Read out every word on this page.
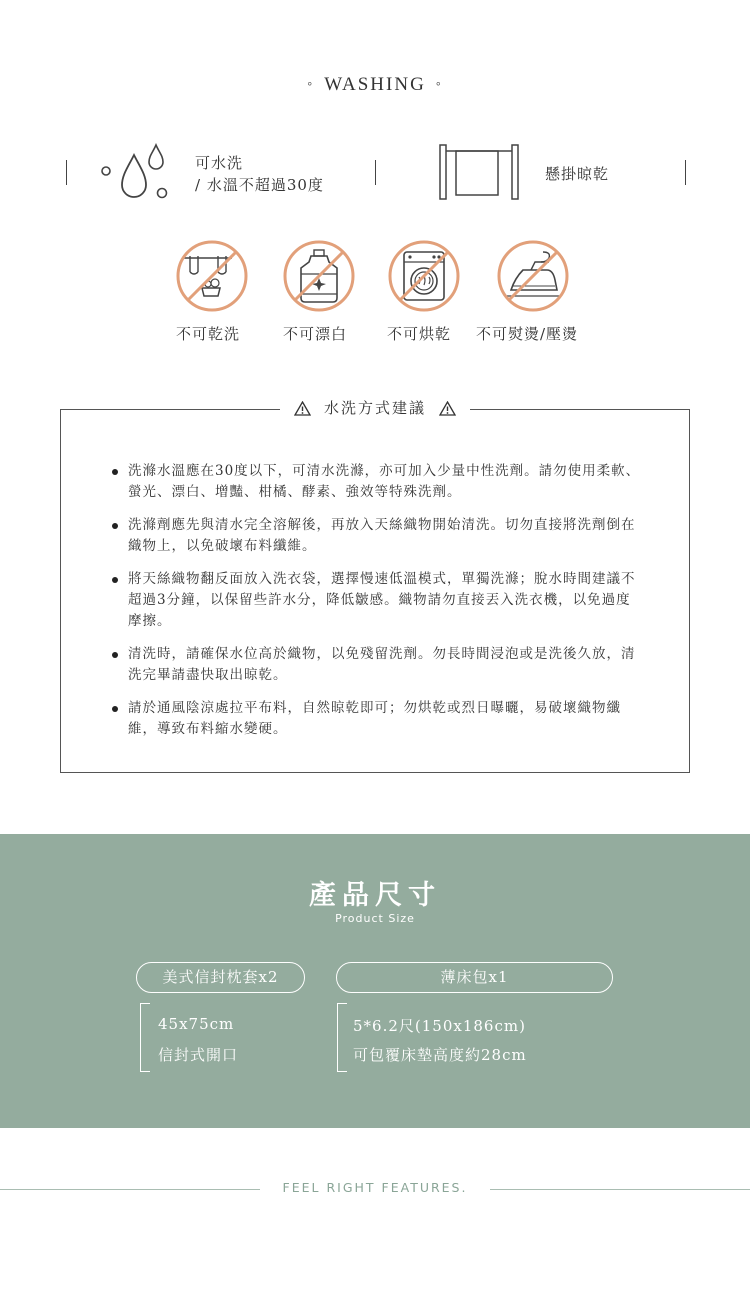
◦ WASHING ◦
可水洗
/ 水溫不超過30度
懸掛晾乾
不可乾洗	不可漂白	不可烘乾 不可熨燙/壓燙
水洗方式建議
洗滌水溫應在30度以下，可清水洗滌，亦可加入少量中性洗劑。請勿使用柔軟、螢光、漂白、增豔、柑橘、酵素、強效等特殊洗劑。
洗滌劑應先與清水完全溶解後，再放入天絲織物開始清洗。切勿直接將洗劑倒在織物上，以免破壞布料纖維。
將天絲織物翻反面放入洗衣袋，選擇慢速低溫模式，單獨洗滌；脫水時間建議不超過3分鐘，以保留些許水分，降低皺感。織物請勿直接丟入洗衣機，以免過度摩擦。
清洗時，請確保水位高於織物，以免殘留洗劑。勿長時間浸泡或是洗後久放，清洗完畢請盡快取出晾乾。
請於通風陰涼處拉平布料，自然晾乾即可；勿烘乾或烈日曝曬，易破壞織物纖維，導致布料縮水變硬。
產品尺寸
Product Size
美式信封枕套x2	薄床包x1
45x75cm
信封式開口
5*6.2尺(150x186cm)
可包覆床墊高度約28cm
FEEL RIGHT FEATURES.
